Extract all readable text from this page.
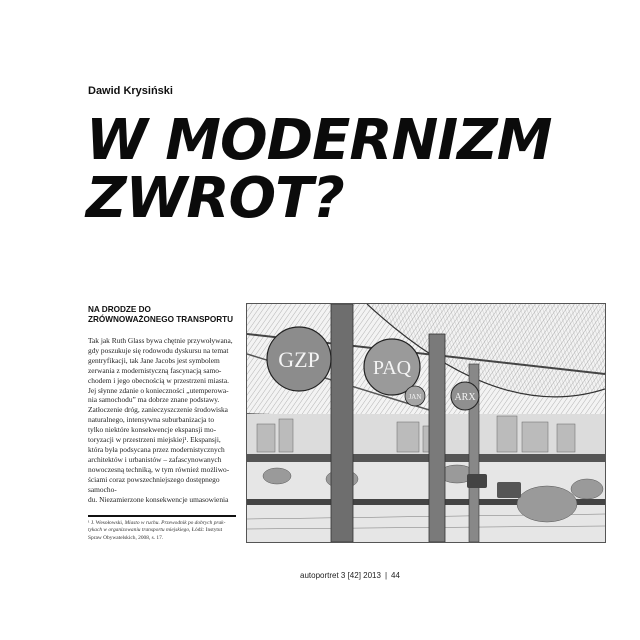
Dawid Krysiński
W MODERNIZM
ZWROT?
NA DRODZE DO ZRÓWNOWAŻONEGO TRANSPORTU
Tak jak Ruth Glass bywa chętnie przywoływana,
gdy poszukuje się rodowodu dyskursu na temat
gentryfikacji, tak Jane Jacobs jest symbolem
zerwania z modernistyczną fascynacją samo-
chodem i jego obecnością w przestrzeni miasta.
Jej słynne zdanie o konieczności „utemperowa-
nia samochodu” ma dobrze znane podstawy.
Zatłoczenie dróg, zanieczyszczenie środowiska
naturalnego, intensywna suburbanizacja to
tylko niektóre konsekwencje ekspansji mo-
toryzacji w przestrzeni miejskiej¹. Ekspansji,
która była podsycana przez modernistycznych
architektów i urbanistów – zafascynowanych
nowoczesną techniką, w tym również możliwo-
ściami coraz powszechniejszego dostępnego samocho-
du. Niezamierzone konsekwencje umasowienia
¹ J. Wesołowski, Miasto w ruchu. Przewodnik po dobrych prak-tykach w organizowaniu transportu miejskiego, Łódź: Instytut Spraw Obywatelskich, 2008, s. 17.
GZP	PAQ
ARX
JAN
ARCHIWUM AUTORA
autoportret 3 [42] 2013 | 44
